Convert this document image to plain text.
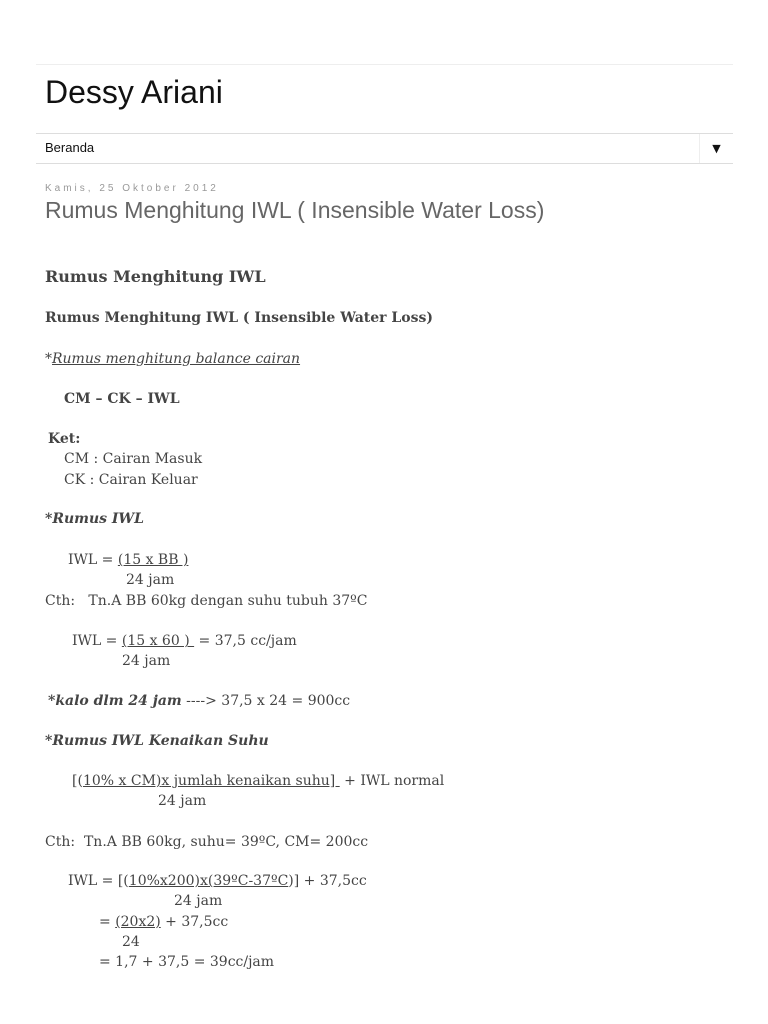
Dessy Ariani
Beranda	▼
Kamis, 25 Oktober 2012
Rumus Menghitung IWL ( Insensible Water Loss)
Rumus Menghitung IWL
Rumus Menghitung IWL ( Insensible Water Loss)
*Rumus menghitung balance cairan
CM – CK – IWL
Ket:
CM : Cairan Masuk
CK : Cairan Keluar
*Rumus IWL
IWL = (15 x BB )
24 jam
Cth:   Tn.A BB 60kg dengan suhu tubuh 37ºC
IWL = (15 x 60 )  = 37,5 cc/jam
24 jam
*kalo dlm 24 jam ----> 37,5 x 24 = 900cc
*Rumus IWL Kenaikan Suhu
[(10% x CM)x jumlah kenaikan suhu]  + IWL normal
24 jam
Cth:  Tn.A BB 60kg, suhu= 39ºC, CM= 200cc
IWL = [(10%x200)x(39ºC-37ºC)] + 37,5cc
24 jam
= (20x2) + 37,5cc
24
= 1,7 + 37,5 = 39cc/jam
